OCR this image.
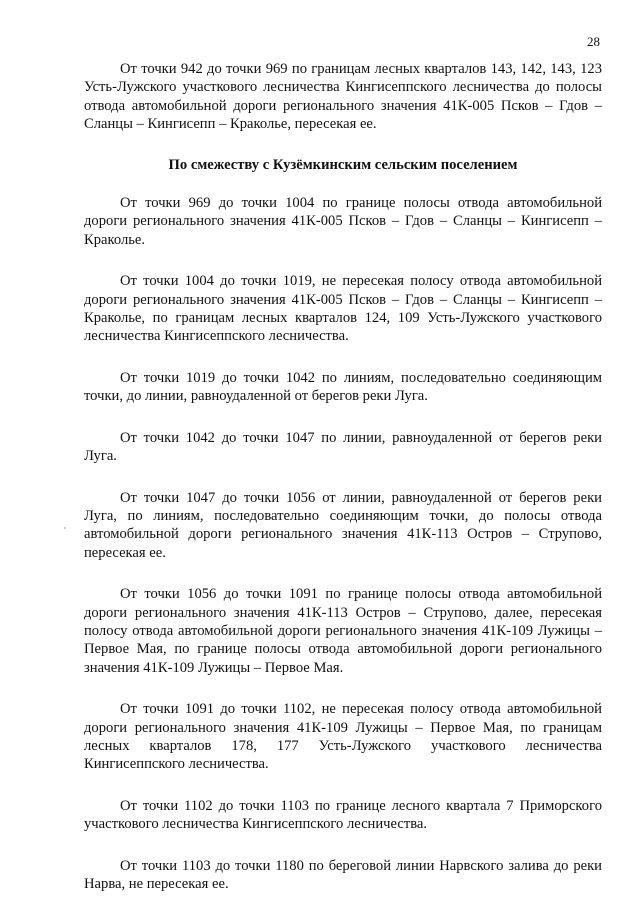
28

От точки 942 до точки 969 по границам лесных кварталов 143, 142, 143, 123 Усть-Лужского участкового лесничества Кингисеппского лесничества до полосы отвода автомобильной дороги регионального значения 41К-005 Псков – Гдов – Сланцы – Кингисепп – Краколье, пересекая ее.

По смежеству с Кузёмкинским сельским поселением

От точки 969 до точки 1004 по границе полосы отвода автомобильной дороги регионального значения 41К-005 Псков – Гдов – Сланцы – Кингисепп – Краколье.

От точки 1004 до точки 1019, не пересекая полосу отвода автомобильной дороги регионального значения 41К-005 Псков – Гдов – Сланцы – Кингисепп – Краколье, по границам лесных кварталов 124, 109 Усть-Лужского участкового лесничества Кингисеппского лесничества.

От точки 1019 до точки 1042 по линиям, последовательно соединяющим точки, до линии, равноудаленной от берегов реки Луга.

От точки 1042 до точки 1047 по линии, равноудаленной от берегов реки Луга.

От точки 1047 до точки 1056 от линии, равноудаленной от берегов реки Луга, по линиям, последовательно соединяющим точки, до полосы отвода автомобильной дороги регионального значения 41К-113 Остров – Струпово, пересекая ее.

От точки 1056 до точки 1091 по границе полосы отвода автомобильной дороги регионального значения 41К-113 Остров – Струпово, далее, пересекая полосу отвода автомобильной дороги регионального значения 41К-109 Лужицы – Первое Мая, по границе полосы отвода автомобильной дороги регионального значения 41К-109 Лужицы – Первое Мая.

От точки 1091 до точки 1102, не пересекая полосу отвода автомобильной дороги регионального значения 41К-109 Лужицы – Первое Мая, по границам лесных кварталов 178, 177 Усть-Лужского участкового лесничества Кингисеппского лесничества.

От точки 1102 до точки 1103 по границе лесного квартала 7 Приморского участкового лесничества Кингисеппского лесничества.

От точки 1103 до точки 1180 по береговой линии Нарвского залива до реки Нарва, не пересекая ее.
